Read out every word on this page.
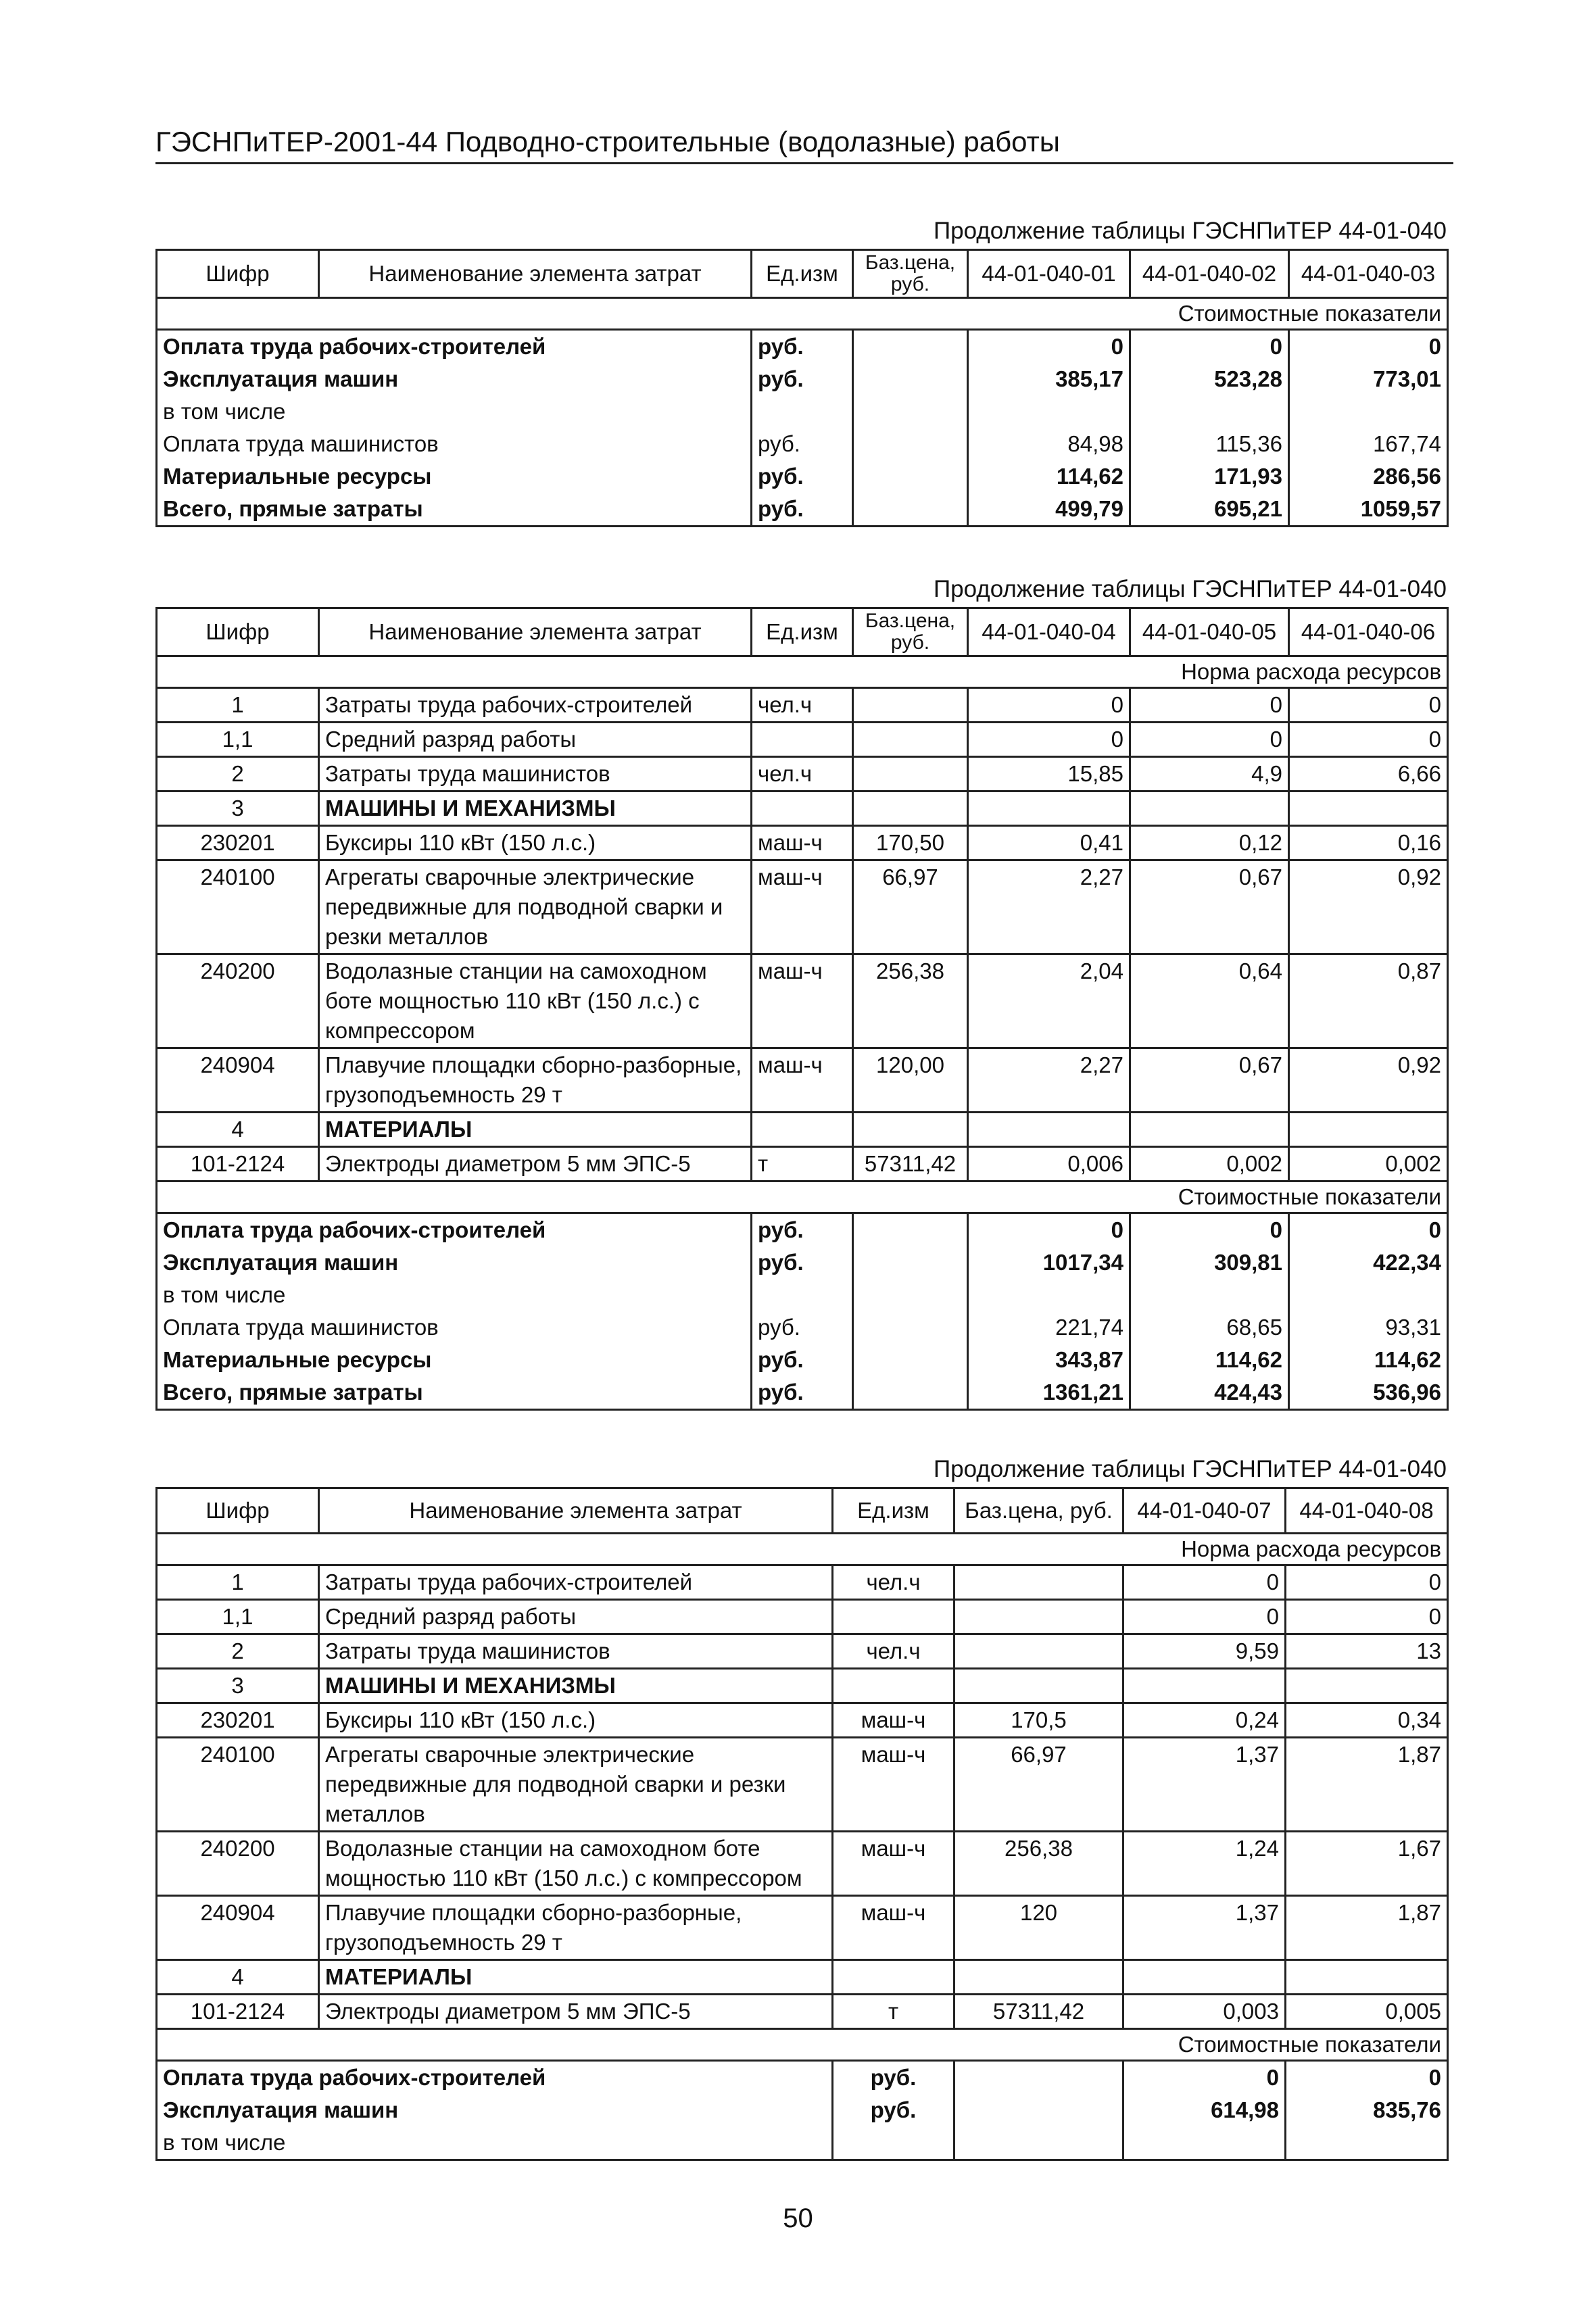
ГЭСНПиТЕР-2001-44 Подводно-строительные (водолазные) работы
Продолжение таблицы ГЭСНПиТЕР 44-01-040
Шифр	Наименование элемента затрат	Ед.изм	Баз.цена, руб.	44-01-040-01	44-01-040-02	44-01-040-03
Стоимостные показатели						
Оплата труда рабочих-строителей		руб.		0	0	0
Эксплуатация машин		руб.		385,17	523,28	773,01
в том числе						
Оплата труда машинистов		руб.		84,98	115,36	167,74
Материальные ресурсы		руб.		114,62	171,93	286,56
Всего, прямые затраты		руб.		499,79	695,21	1059,57
Продолжение таблицы ГЭСНПиТЕР 44-01-040
Шифр	Наименование элемента затрат	Ед.изм	Баз.цена, руб.	44-01-040-04	44-01-040-05	44-01-040-06
Норма расхода ресурсов						
1	Затраты труда рабочих-строителей	чел.ч		0	0	0
1,1	Средний разряд работы			0	0	0
2	Затраты труда машинистов	чел.ч		15,85	4,9	6,66
3	МАШИНЫ И МЕХАНИЗМЫ					
230201	Буксиры 110 кВт (150 л.с.)	маш-ч	170,50	0,41	0,12	0,16
240100	Агрегаты сварочные электрические передвижные для подводной сварки и резки металлов	маш-ч	66,97	2,27	0,67	0,92
240200	Водолазные станции на самоходном боте мощностью 110 кВт (150 л.с.) с компрессором	маш-ч	256,38	2,04	0,64	0,87
240904	Плавучие площадки сборно-разборные, грузоподъемность 29 т	маш-ч	120,00	2,27	0,67	0,92
4	МАТЕРИАЛЫ					
101-2124	Электроды диаметром 5 мм ЭПС-5	т	57311,42	0,006	0,002	0,002
Стоимостные показатели						
Оплата труда рабочих-строителей		руб.		0	0	0
Эксплуатация машин		руб.		1017,34	309,81	422,34
в том числе						
Оплата труда машинистов		руб.		221,74	68,65	93,31
Материальные ресурсы		руб.		343,87	114,62	114,62
Всего, прямые затраты		руб.		1361,21	424,43	536,96
Продолжение таблицы ГЭСНПиТЕР 44-01-040
Шифр	Наименование элемента затрат	Ед.изм	Баз.цена, руб.	44-01-040-07	44-01-040-08
Норма расхода ресурсов					
1	Затраты труда рабочих-строителей	чел.ч		0	0
1,1	Средний разряд работы			0	0
2	Затраты труда машинистов	чел.ч		9,59	13
3	МАШИНЫ И МЕХАНИЗМЫ				
230201	Буксиры 110 кВт (150 л.с.)	маш-ч	170,5	0,24	0,34
240100	Агрегаты сварочные электрические передвижные для подводной сварки и резки металлов	маш-ч	66,97	1,37	1,87
240200	Водолазные станции на самоходном боте мощностью 110 кВт (150 л.с.) с компрессором	маш-ч	256,38	1,24	1,67
240904	Плавучие площадки сборно-разборные, грузоподъемность 29 т	маш-ч	120	1,37	1,87
4	МАТЕРИАЛЫ				
101-2124	Электроды диаметром 5 мм ЭПС-5	т	57311,42	0,003	0,005
Стоимостные показатели					
Оплата труда рабочих-строителей		руб.		0	0
Эксплуатация машин		руб.		614,98	835,76
в том числе					
50
